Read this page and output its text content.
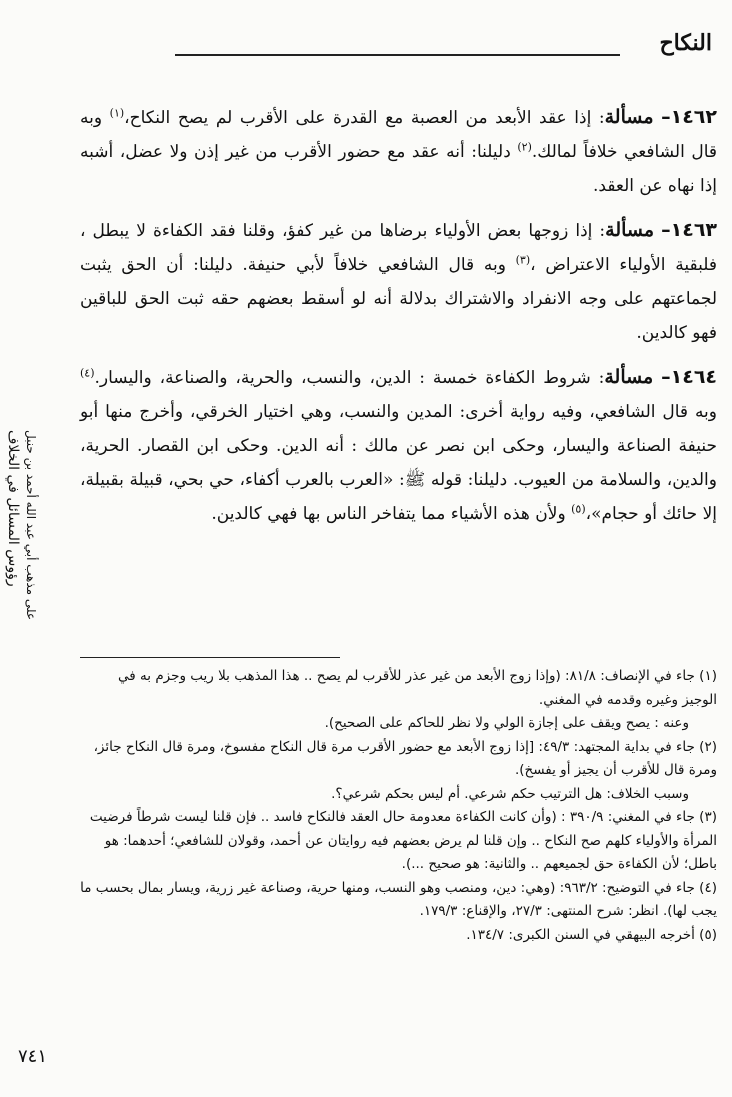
النكاح
رؤوس المسائل في الخلاف على مذهب أبي عبد الله أحمد بن حنبل

١٤٦٢– مسألة: إذا عقد الأبعد من العصبة مع القدرة على الأقرب لم يصح النكاح،$^{(١)}$ وبه قال الشافعي خلافاً لمالك.$^{(٢)}$ دليلنا: أنه عقد مع حضور الأقرب من غير إذن ولا عضل، أشبه إذا نهاه عن العقد.

١٤٦٣– مسألة: إذا زوجها بعض الأولياء برضاها من غير كفؤ، وقلنا فقد الكفاءة لا يبطل ، فلبقية الأولياء الاعتراض ،$^{(٣)}$ وبه قال الشافعي خلافاً لأبي حنيفة. دليلنا: أن الحق يثبت لجماعتهم على وجه الانفراد والاشتراك بدلالة أنه لو أسقط بعضهم حقه ثبت الحق للباقين فهو كالدين.

١٤٦٤– مسألة: شروط الكفاءة خمسة : الدين، والنسب، والحرية، والصناعة، واليسار.$^{(٤)}$ وبه قال الشافعي، وفيه رواية أخرى: المدين والنسب، وهي اختيار الخرقي، وأخرج منها أبو حنيفة الصناعة واليسار، وحكى ابن نصر عن مالك : أنه الدين. وحكى ابن القصار. الحرية، والدين، والسلامة من العيوب. دليلنا: قوله ﷺ: «العرب بالعرب أكفاء، حي بحي، قبيلة بقبيلة، إلا حائك أو حجام»،$^{(٥)}$ ولأن هذه الأشياء مما يتفاخر الناس بها فهي كالدين.

(١) جاء في الإنصاف: ٨١/٨: (وإذا زوج الأبعد من غير عذر للأقرب لم يصح .. هذا المذهب بلا ريب وجزم به في الوجيز وغيره وقدمه في المغني.

وعنه : يصح ويقف على إجازة الولي ولا نظر للحاكم على الصحيح).

(٢) جاء في بداية المجتهد: ٤٩/٣: [إذا زوج الأبعد مع حضور الأقرب مرة قال النكاح مفسوخ، ومرة قال النكاح جائز، ومرة قال للأقرب أن يجيز أو يفسخ).

وسبب الخلاف: هل الترتيب حكم شرعي. أم ليس بحكم شرعي؟.

(٣) جاء في المغني: ٣٩٠/٩ : (وأن كانت الكفاءة معدومة حال العقد فالنكاح فاسد .. فإن قلنا ليست شرطاً فرضيت المرأة والأولياء كلهم صح النكاح .. وإن قلنا لم يرض بعضهم فيه روايتان عن أحمد، وقولان للشافعي؛ أحدهما: هو باطل؛ لأن الكفاءة حق لجميعهم .. والثانية: هو صحيح ...).

(٤) جاء في التوضيح: ٩٦٣/٢: (وهي: دين، ومنصب وهو النسب، ومنها حرية، وصناعة غير زرية، ويسار بمال بحسب ما يجب لها). انظر: شرح المنتهى: ٢٧/٣، والإقناع: ١٧٩/٣.

(٥) أخرجه البيهقي في السنن الكبرى: ١٣٤/٧.

٧٤١
